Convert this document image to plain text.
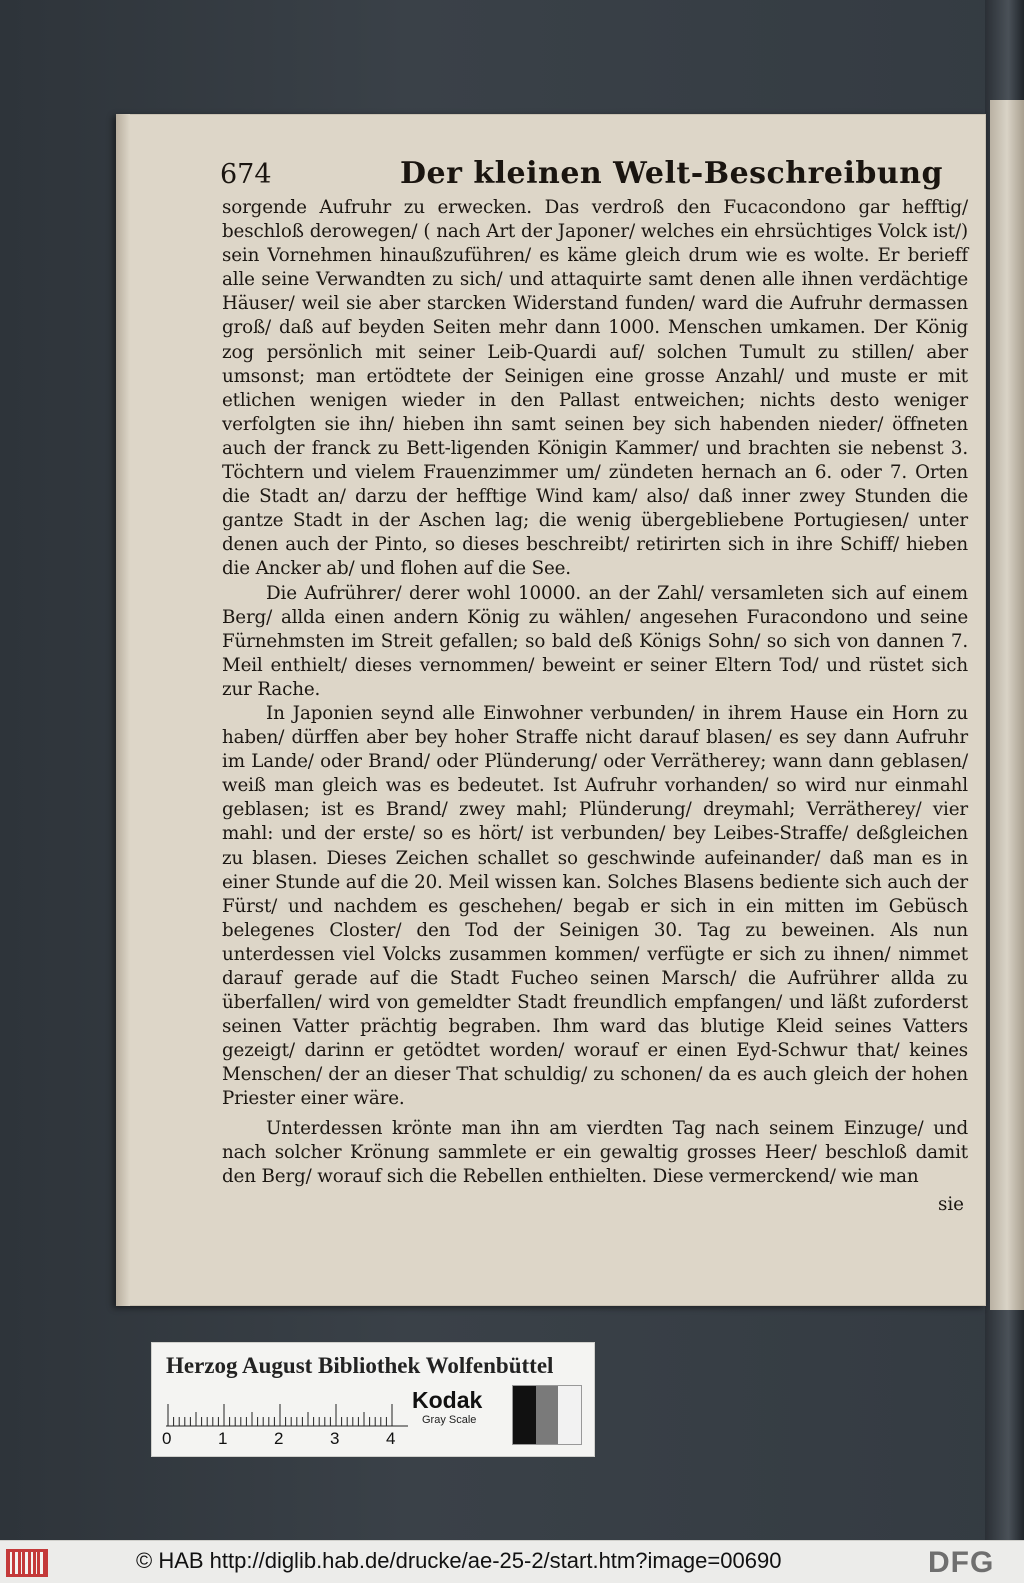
674	Der kleinen Welt-Beschreibung

sorgende Aufruhr zu erwecken. Das verdroß den Fucacondono gar hefftig/ beschloß derowegen/ ( nach Art der Japoner/ welches ein ehrsüchtiges Volck ist/) sein Vornehmen hinaußzuführen/ es käme gleich drum wie es wolte. Er berieff alle seine Verwandten zu sich/ und attaquirte samt denen alle ihnen verdächtige Häuser/ weil sie aber starcken Widerstand funden/ ward die Aufruhr dermassen groß/ daß auf beyden Seiten mehr dann 1000. Menschen umkamen. Der König zog persönlich mit seiner Leib-Quardi auf/ solchen Tumult zu stillen/ aber umsonst; man ertödtete der Seinigen eine grosse Anzahl/ und muste er mit etlichen wenigen wieder in den Pallast entweichen; nichts desto weniger verfolgten sie ihn/ hieben ihn samt seinen bey sich habenden nieder/ öffneten auch der franck zu Bett-ligenden Königin Kammer/ und brachten sie nebenst 3. Töchtern und vielem Frauenzimmer um/ zündeten hernach an 6. oder 7. Orten die Stadt an/ darzu der hefftige Wind kam/ also/ daß inner zwey Stunden die gantze Stadt in der Aschen lag; die wenig übergebliebene Portugiesen/ unter denen auch der Pinto, so dieses beschreibt/ retirirten sich in ihre Schiff/ hieben die Ancker ab/ und flohen auf die See.

Die Aufrührer/ derer wohl 10000. an der Zahl/ versamleten sich auf einem Berg/ allda einen andern König zu wählen/ angesehen Furacondono und seine Fürnehmsten im Streit gefallen; so bald deß Königs Sohn/ so sich von dannen 7. Meil enthielt/ dieses vernommen/ beweint er seiner Eltern Tod/ und rüstet sich zur Rache.

In Japonien seynd alle Einwohner verbunden/ in ihrem Hause ein Horn zu haben/ dürffen aber bey hoher Straffe nicht darauf blasen/ es sey dann Aufruhr im Lande/ oder Brand/ oder Plünderung/ oder Verrätherey; wann dann geblasen/ weiß man gleich was es bedeutet. Ist Aufruhr vorhanden/ so wird nur einmahl geblasen; ist es Brand/ zwey mahl; Plünderung/ dreymahl; Verrätherey/ vier mahl: und der erste/ so es hört/ ist verbunden/ bey Leibes-Straffe/ deßgleichen zu blasen. Dieses Zeichen schallet so geschwinde aufeinander/ daß man es in einer Stunde auf die 20. Meil wissen kan. Solches Blasens bediente sich auch der Fürst/ und nachdem es geschehen/ begab er sich in ein mitten im Gebüsch belegenes Closter/ den Tod der Seinigen 30. Tag zu beweinen. Als nun unterdessen viel Volcks zusammen kommen/ verfügte er sich zu ihnen/ nimmet darauf gerade auf die Stadt Fucheo seinen Marsch/ die Aufrührer allda zu überfallen/ wird von gemeldter Stadt freundlich empfangen/ und läßt zuforderst seinen Vatter prächtig begraben. Ihm ward das blutige Kleid seines Vatters gezeigt/ darinn er getödtet worden/ worauf er einen Eyd-Schwur that/ keines Menschen/ der an dieser That schuldig/ zu schonen/ da es auch gleich der hohen Priester einer wäre.

Unterdessen krönte man ihn am vierdten Tag nach seinem Einzuge/ und nach solcher Krönung sammlete er ein gewaltig grosses Heer/ beschloß damit den Berg/ worauf sich die Rebellen enthielten. Diese vermerckend/ wie man

sie
Herzog August Bibliothek Wolfenbüttel
0	1	2	3	4
Kodak
Gray Scale
© HAB http://diglib.hab.de/drucke/ae-25-2/start.htm?image=00690	DFG
